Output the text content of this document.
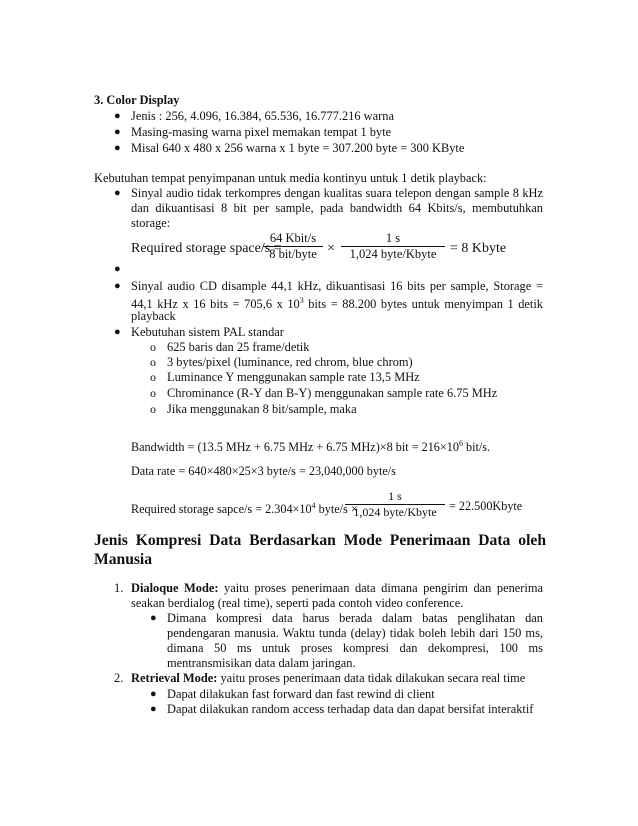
3. Color Display
● Jenis : 256, 4.096, 16.384, 65.536, 16.777.216 warna
● Masing-masing warna pixel memakan tempat 1 byte
● Misal 640 x 480 x 256 warna x 1 byte = 307.200 byte = 300 KByte
Kebutuhan tempat penyimpanan untuk media kontinyu untuk 1 detik playback:
● Sinyal audio tidak terkompres dengan kualitas suara telepon dengan sample 8 kHz
dan dikuantisasi 8 bit per sample, pada bandwidth 64 Kbits/s, membutuhkan
storage:
Required storage space/s =
64 Kbit/s
8 bit/byte ×
1 s
1,024 byte/Kbyte = 8 Kbyte
●
● Sinyal audio CD disample 44,1 kHz, dikuantisasi 16 bits per sample, Storage =
44,1 kHz x 16 bits = 705,6 x $10^3$ bits = 88.200 bytes untuk menyimpan 1 detik
playback
● Kebutuhan sistem PAL standar
o 625 baris dan 25 frame/detik
o 3 bytes/pixel (luminance, red chrom, blue chrom)
o Luminance Y menggunakan sample rate 13,5 MHz
o Chrominance (R-Y dan B-Y) menggunakan sample rate 6.75 MHz
o Jika menggunakan 8 bit/sample, maka
Bandwidth = (13.5 MHz + 6.75 MHz + 6.75 MHz)×8 bit = $216\times 10^6$ bit/s.
Data rate = 640×480×25×3 byte/s = 23,040,000 byte/s
Required storage sapce/s = $2.304\times 10^4$ byte/s ×
1 s
1,024 byte/Kbyte	= 22.500Kbyte
Jenis Kompresi Data Berdasarkan Mode Penerimaan Data oleh
Manusia
1. Dialoque Mode: yaitu proses penerimaan data dimana pengirim dan penerima
seakan berdialog (real time), seperti pada contoh video conference.
● Dimana kompresi data harus berada dalam batas penglihatan dan
pendengaran manusia. Waktu tunda (delay) tidak boleh lebih dari 150 ms,
dimana 50 ms untuk proses kompresi dan dekompresi, 100 ms
mentransmisikan data dalam jaringan.
2. Retrieval Mode: yaitu proses penerimaan data tidak dilakukan secara real time
● Dapat dilakukan fast forward dan fast rewind di client
● Dapat dilakukan random access terhadap data dan dapat bersifat interaktif
